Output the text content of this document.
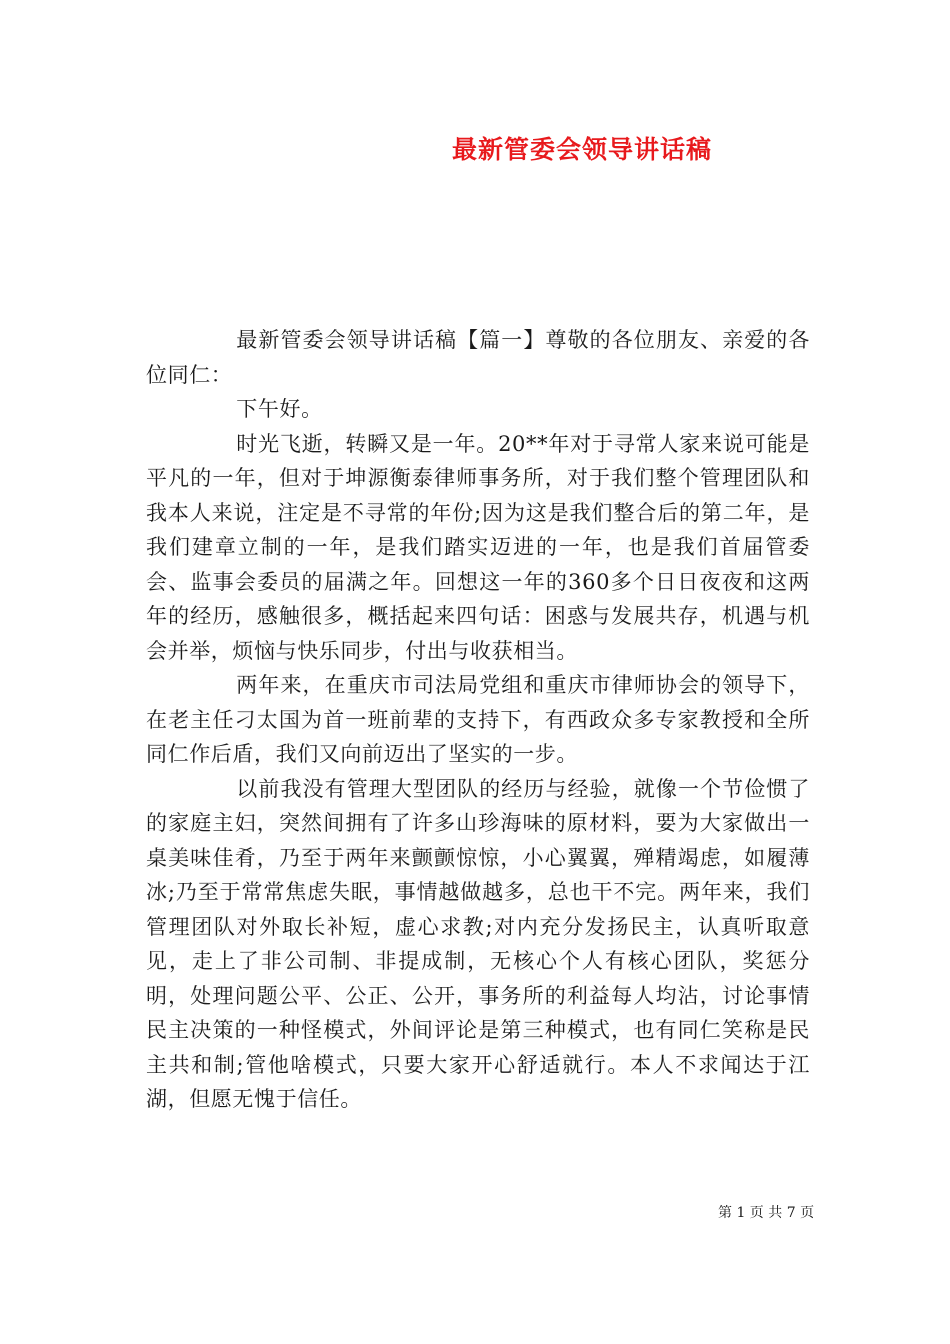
最新管委会领导讲话稿

最新管委会领导讲话稿【篇一】尊敬的各位朋友、亲爱的各位同仁：

下午好。

时光飞逝，转瞬又是一年。20**年对于寻常人家来说可能是平凡的一年，但对于坤源衡泰律师事务所，对于我们整个管理团队和我本人来说，注定是不寻常的年份;因为这是我们整合后的第二年，是我们建章立制的一年，是我们踏实迈进的一年，也是我们首届管委会、监事会委员的届满之年。回想这一年的360多个日日夜夜和这两年的经历，感触很多，概括起来四句话：困惑与发展共存，机遇与机会并举，烦恼与快乐同步，付出与收获相当。

两年来，在重庆市司法局党组和重庆市律师协会的领导下，在老主任刁太国为首一班前辈的支持下，有西政众多专家教授和全所同仁作后盾，我们又向前迈出了坚实的一步。

以前我没有管理大型团队的经历与经验，就像一个节俭惯了的家庭主妇，突然间拥有了许多山珍海味的原材料，要为大家做出一桌美味佳肴，乃至于两年来颤颤惊惊，小心翼翼，殚精竭虑，如履薄冰;乃至于常常焦虑失眠，事情越做越多，总也干不完。两年来，我们管理团队对外取长补短，虚心求教;对内充分发扬民主，认真听取意见，走上了非公司制、非提成制，无核心个人有核心团队，奖惩分明，处理问题公平、公正、公开，事务所的利益每人均沾，讨论事情民主决策的一种怪模式，外间评论是第三种模式，也有同仁笑称是民主共和制;管他啥模式，只要大家开心舒适就行。本人不求闻达于江湖，但愿无愧于信任。

第 1 页 共 7 页
